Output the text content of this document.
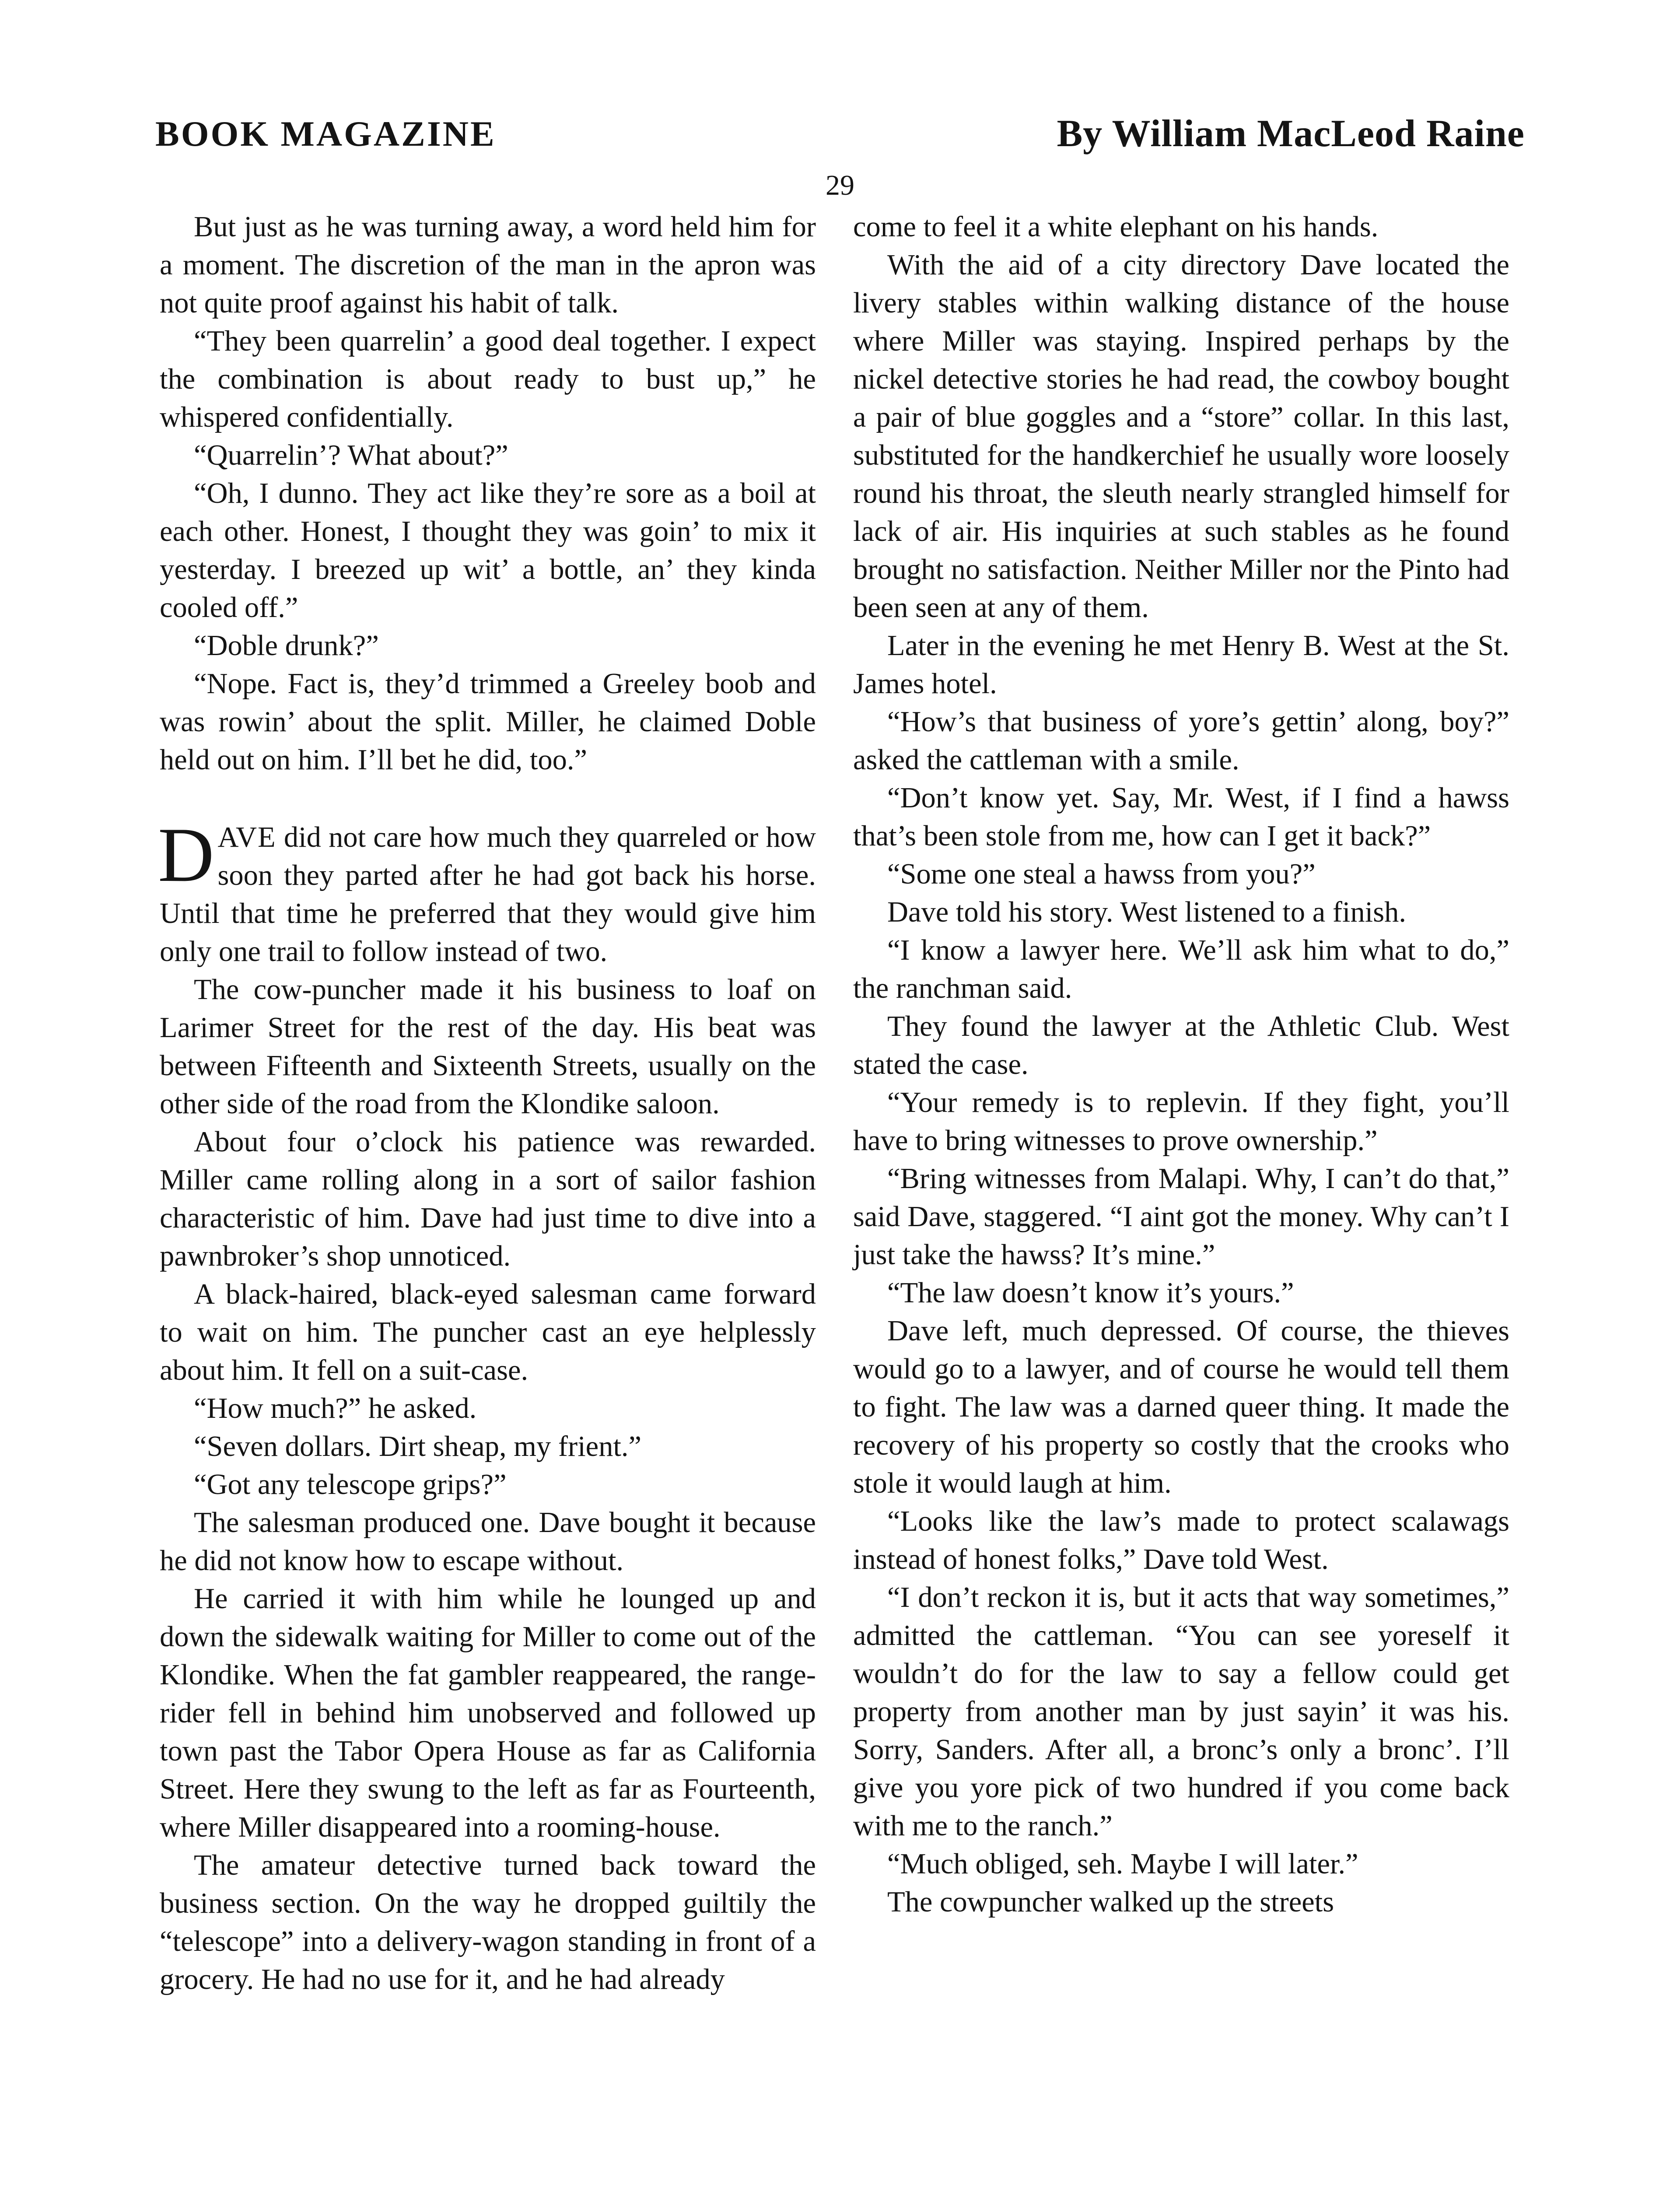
BOOK MAGAZINE	By William MacLeod Raine
29

But just as he was turning away, a word held him for a moment. The discretion of the man in the apron was not quite proof against his habit of talk.

“They been quarrelin’ a good deal together. I expect the combination is about ready to bust up,” he whispered confidentially.

“Quarrelin’? What about?”

“Oh, I dunno. They act like they’re sore as a boil at each other. Honest, I thought they was goin’ to mix it yesterday. I breezed up wit’ a bottle, an’ they kinda cooled off.”

“Doble drunk?”

“Nope. Fact is, they’d trimmed a Greeley boob and was rowin’ about the split. Miller, he claimed Doble held out on him. I’ll bet he did, too.”

DAVE did not care how much they quarreled or how soon they parted after he had got back his horse. Until that time he preferred that they would give him only one trail to follow instead of two.

The cow-puncher made it his business to loaf on Larimer Street for the rest of the day. His beat was between Fifteenth and Sixteenth Streets, usually on the other side of the road from the Klondike saloon.

About four o’clock his patience was rewarded. Miller came rolling along in a sort of sailor fashion characteristic of him. Dave had just time to dive into a pawnbroker’s shop unnoticed.

A black-haired, black-eyed salesman came forward to wait on him. The puncher cast an eye helplessly about him. It fell on a suit-case.

“How much?” he asked.

“Seven dollars. Dirt sheap, my frient.”

“Got any telescope grips?”

The salesman produced one. Dave bought it because he did not know how to escape without.

He carried it with him while he lounged up and down the sidewalk waiting for Miller to come out of the Klondike. When the fat gambler reappeared, the range-rider fell in behind him unobserved and followed up town past the Tabor Opera House as far as California Street. Here they swung to the left as far as Fourteenth, where Miller disappeared into a rooming-house.

The amateur detective turned back toward the business section. On the way he dropped guiltily the “telescope” into a delivery-wagon standing in front of a grocery. He had no use for it, and he had already

come to feel it a white elephant on his hands.

With the aid of a city directory Dave located the livery stables within walking distance of the house where Miller was staying. Inspired perhaps by the nickel detective stories he had read, the cowboy bought a pair of blue goggles and a “store” collar. In this last, substituted for the handkerchief he usually wore loosely round his throat, the sleuth nearly strangled himself for lack of air. His inquiries at such stables as he found brought no satisfaction. Neither Miller nor the Pinto had been seen at any of them.

Later in the evening he met Henry B. West at the St. James hotel.

“How’s that business of yore’s gettin’ along, boy?” asked the cattleman with a smile.

“Don’t know yet. Say, Mr. West, if I find a hawss that’s been stole from me, how can I get it back?”

“Some one steal a hawss from you?”

Dave told his story. West listened to a finish.

“I know a lawyer here. We’ll ask him what to do,” the ranchman said.

They found the lawyer at the Athletic Club. West stated the case.

“Your remedy is to replevin. If they fight, you’ll have to bring witnesses to prove ownership.”

“Bring witnesses from Malapi. Why, I can’t do that,” said Dave, staggered. “I aint got the money. Why can’t I just take the hawss? It’s mine.”

“The law doesn’t know it’s yours.”

Dave left, much depressed. Of course, the thieves would go to a lawyer, and of course he would tell them to fight. The law was a darned queer thing. It made the recovery of his property so costly that the crooks who stole it would laugh at him.

“Looks like the law’s made to protect scalawags instead of honest folks,” Dave told West.

“I don’t reckon it is, but it acts that way sometimes,” admitted the cattleman. “You can see yoreself it wouldn’t do for the law to say a fellow could get property from another man by just sayin’ it was his. Sorry, Sanders. After all, a bronc’s only a bronc’. I’ll give you yore pick of two hundred if you come back with me to the ranch.”

“Much obliged, seh. Maybe I will later.”

The cowpuncher walked up the streets
